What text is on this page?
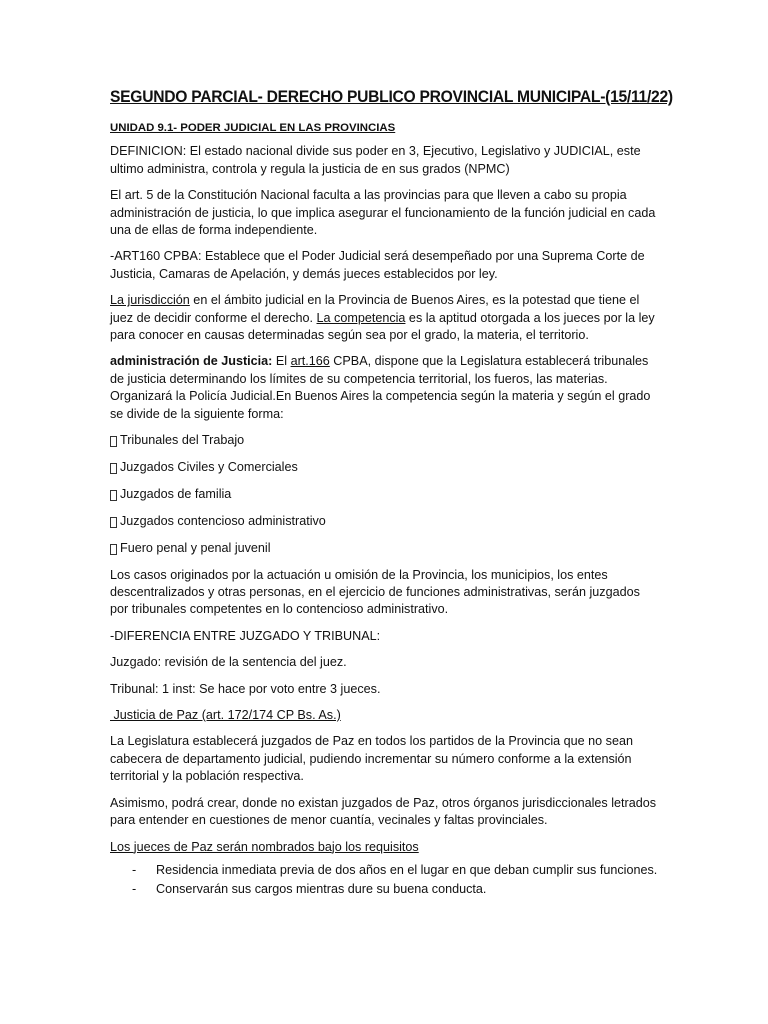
SEGUNDO PARCIAL- DERECHO PUBLICO PROVINCIAL MUNICIPAL-(15/11/22)
UNIDAD 9.1- PODER JUDICIAL EN LAS PROVINCIAS

DEFINICION: El estado nacional divide sus poder en 3, Ejecutivo, Legislativo y JUDICIAL, este ultimo administra, controla y regula la justicia de en sus grados (NPMC)

El art. 5 de la Constitución Nacional faculta a las provincias para que lleven a cabo su propia administración de justicia, lo que implica asegurar el funcionamiento de la función judicial en cada una de ellas de forma independiente.

-ART160 CPBA: Establece que el Poder Judicial será desempeñado por una Suprema Corte de Justicia, Camaras de Apelación, y demás jueces establecidos por ley.

La jurisdicción en el ámbito judicial en la Provincia de Buenos Aires, es la potestad que tiene el juez de decidir conforme el derecho. La competencia es la aptitud otorgada a los jueces por la ley para conocer en causas determinadas según sea por el grado, la materia, el territorio.

administración de Justicia: El art.166 CPBA, dispone que la Legislatura establecerá tribunales de justicia determinando los límites de su competencia territorial, los fueros, las materias. Organizará la Policía Judicial.En Buenos Aires la competencia según la materia y según el grado se divide de la siguiente forma:

Tribunales del Trabajo
Juzgados Civiles y Comerciales
Juzgados de familia
Juzgados contencioso administrativo
Fuero penal y penal juvenil

Los casos originados por la actuación u omisión de la Provincia, los municipios, los entes descentralizados y otras personas, en el ejercicio de funciones administrativas, serán juzgados por tribunales competentes en lo contencioso administrativo.

-DIFERENCIA ENTRE JUZGADO Y TRIBUNAL:

Juzgado: revisión de la sentencia del juez.

Tribunal: 1 inst: Se hace por voto entre 3 jueces.

Justicia de Paz (art. 172/174 CP Bs. As.)

La Legislatura establecerá juzgados de Paz en todos los partidos de la Provincia que no sean cabecera de departamento judicial, pudiendo incrementar su número conforme a la extensión territorial y la población respectiva.

Asimismo, podrá crear, donde no existan juzgados de Paz, otros órganos jurisdiccionales letrados para entender en cuestiones de menor cuantía, vecinales y faltas provinciales.

Los jueces de Paz serán nombrados bajo los requisitos

-	Residencia inmediata previa de dos años en el lugar en que deban cumplir sus funciones.
-	Conservarán sus cargos mientras dure su buena conducta.
